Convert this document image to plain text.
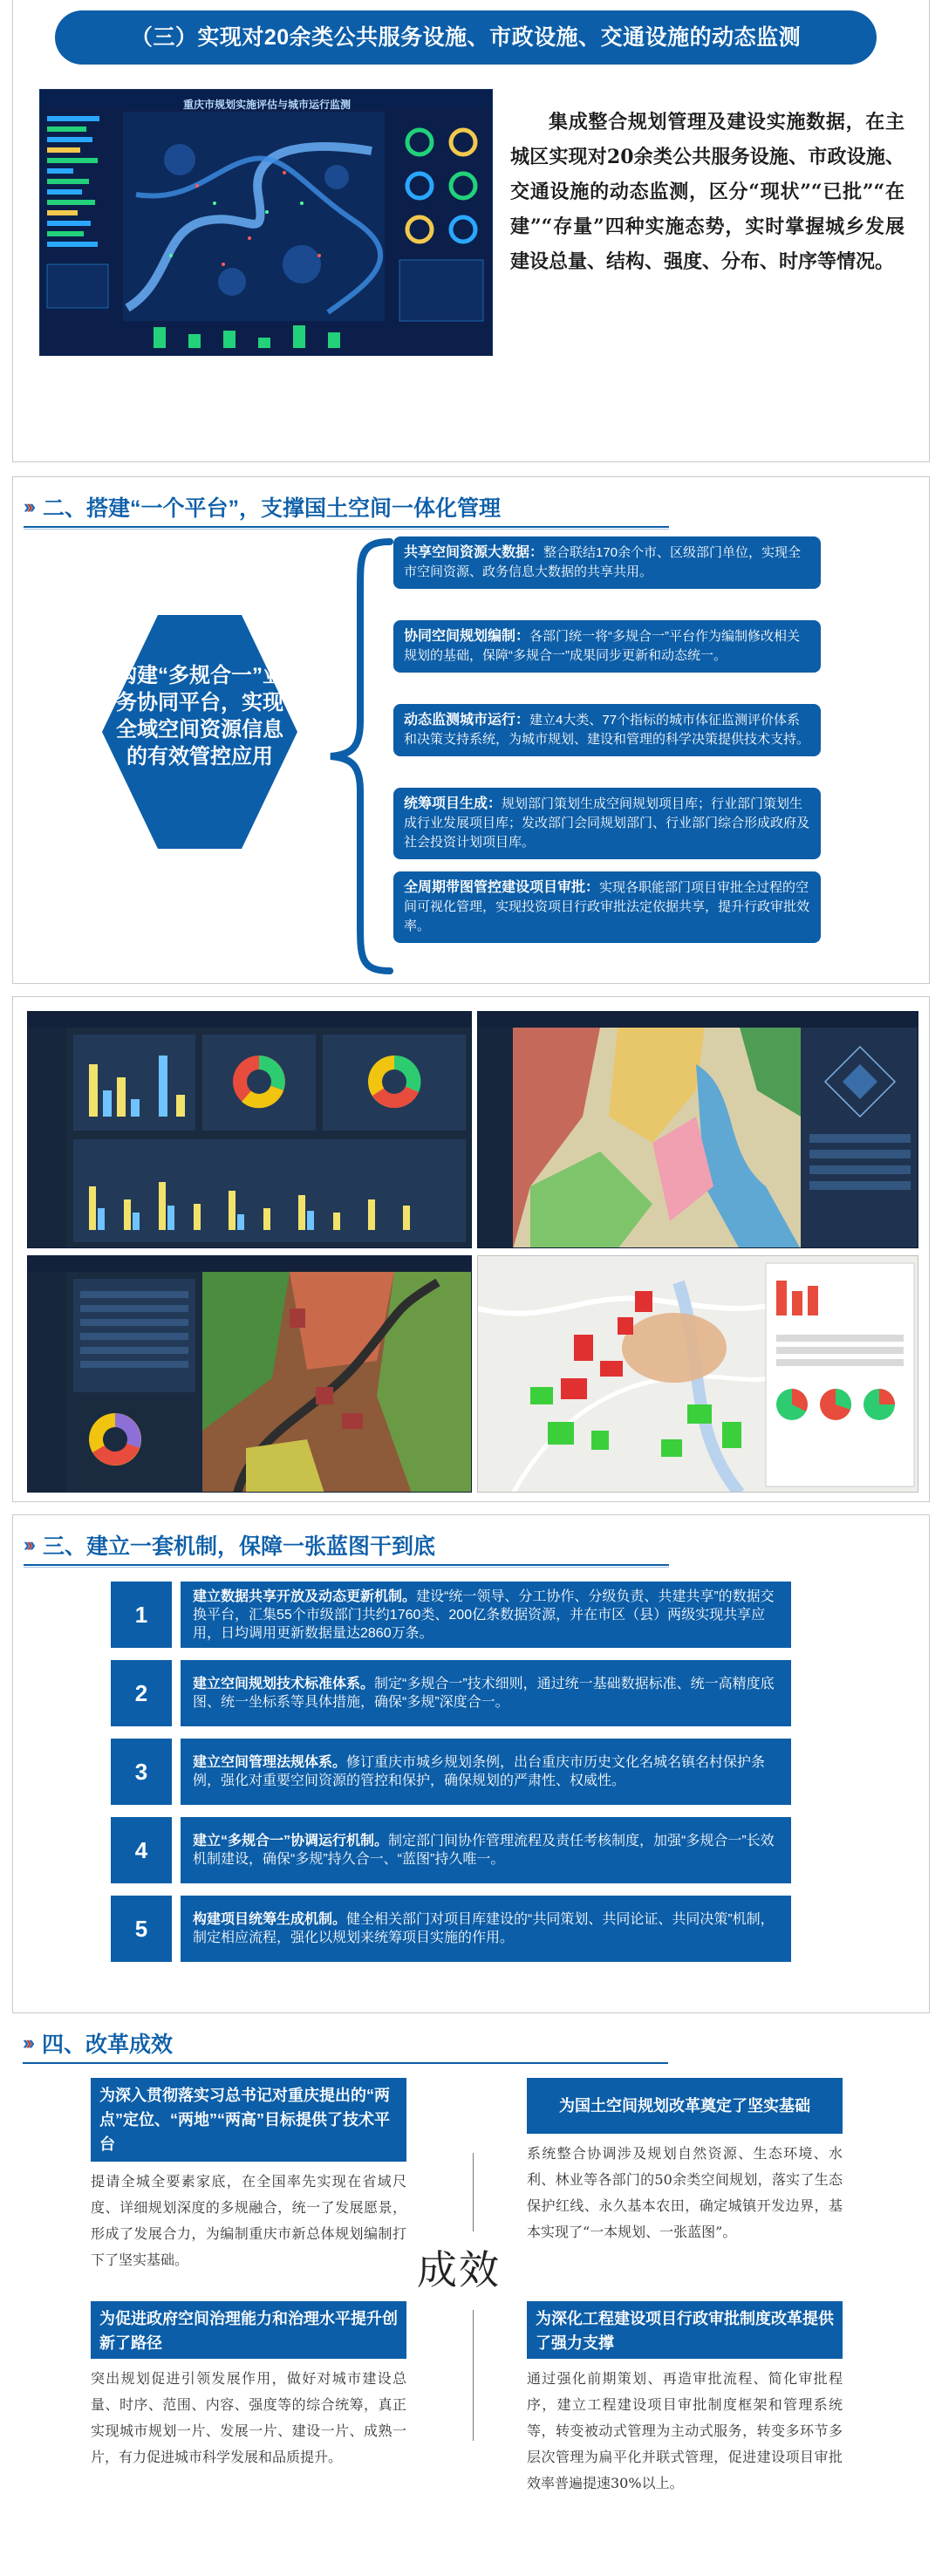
（三）实现对20余类公共服务设施、市政设施、交通设施的动态监测
重庆市规划实施评估与城市运行监测
集成整合规划管理及建设实施数据，在主城区实现对20余类公共服务设施、市政设施、交通设施的动态监测，区分“现状”“已批”“在建”“存量”四种实施态势，实时掌握城乡发展建设总量、结构、强度、分布、时序等情况。
››› 二、搭建“一个平台”，支撑国土空间一体化管理
构建“多规合一”业务协同平台，实现全域空间资源信息的有效管控应用
共享空间资源大数据：整合联结170余个市、区级部门单位，实现全市空间资源、政务信息大数据的共享共用。
协同空间规划编制：各部门统一将“多规合一”平台作为编制修改相关规划的基础，保障“多规合一”成果同步更新和动态统一。
动态监测城市运行：建立4大类、77个指标的城市体征监测评价体系和决策支持系统，为城市规划、建设和管理的科学决策提供技术支持。
统筹项目生成：规划部门策划生成空间规划项目库；行业部门策划生成行业发展项目库；发改部门会同规划部门、行业部门综合形成政府及社会投资计划项目库。
全周期带图管控建设项目审批：实现各职能部门项目审批全过程的空间可视化管理，实现投资项目行政审批法定依据共享，提升行政审批效率。
››› 三、建立一套机制，保障一张蓝图干到底
1
建立数据共享开放及动态更新机制。建设“统一领导、分工协作、分级负责、共建共享”的数据交换平台，汇集55个市级部门共约1760类、200亿条数据资源，并在市区（县）两级实现共享应用，日均调用更新数据量达2860万条。
2	建立空间规划技术标准体系。制定“多规合一”技术细则，通过统一基础数据标准、统一高精度底图、统一坐标系等具体措施，确保“多规”深度合一。
3	建立空间管理法规体系。修订重庆市城乡规划条例，出台重庆市历史文化名城名镇名村保护条例，强化对重要空间资源的管控和保护，确保规划的严肃性、权威性。
4	建立“多规合一”协调运行机制。制定部门间协作管理流程及责任考核制度，加强“多规合一”长效机制建设，确保“多规”持久合一、“蓝图”持久唯一。
5	构建项目统筹生成机制。健全相关部门对项目库建设的“共同策划、共同论证、共同决策”机制，制定相应流程，强化以规划来统筹项目实施的作用。
››› 四、改革成效
为深入贯彻落实习总书记对重庆提出的“两点”定位、“两地”“两高”目标提供了技术平台
提请全城全要素家底，在全国率先实现在省域尺度、详细规划深度的多规融合，统一了发展愿景，形成了发展合力，为编制重庆市新总体规划编制打下了坚实基础。
为国土空间规划改革奠定了坚实基础
系统整合协调涉及规划自然资源、生态环境、水利、林业等各部门的50余类空间规划，落实了生态保护红线、永久基本农田，确定城镇开发边界，基本实现了“一本规划、一张蓝图”。
成效
为促进政府空间治理能力和治理水平提升创新了路径
突出规划促进引领发展作用，做好对城市建设总量、时序、范围、内容、强度等的综合统筹，真正实现城市规划一片、发展一片、建设一片、成熟一片，有力促进城市科学发展和品质提升。
为深化工程建设项目行政审批制度改革提供了强力支撑
通过强化前期策划、再造审批流程、简化审批程序，建立工程建设项目审批制度框架和管理系统等，转变被动式管理为主动式服务，转变多环节多层次管理为扁平化并联式管理，促进建设项目审批效率普遍提速30%以上。
